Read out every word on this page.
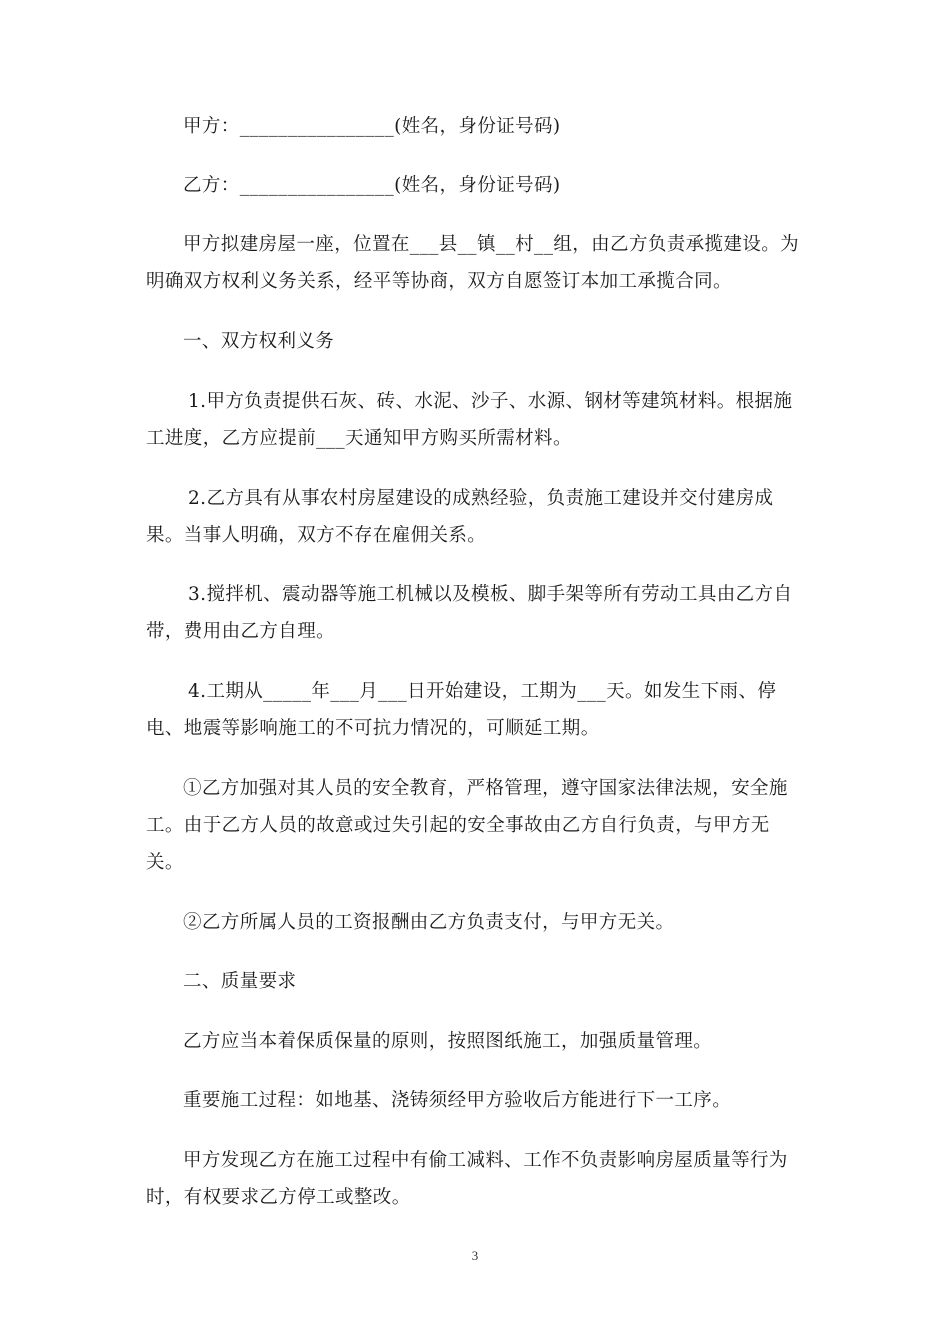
甲方：________________(姓名，身份证号码)

乙方：________________(姓名，身份证号码)

甲方拟建房屋一座，位置在___县__镇__村__组，由乙方负责承揽建设。为明确双方权利义务关系，经平等协商，双方自愿签订本加工承揽合同。

一、双方权利义务

1.甲方负责提供石灰、砖、水泥、沙子、水源、钢材等建筑材料。根据施工进度，乙方应提前___天通知甲方购买所需材料。

2.乙方具有从事农村房屋建设的成熟经验，负责施工建设并交付建房成果。当事人明确，双方不存在雇佣关系。

3.搅拌机、震动器等施工机械以及模板、脚手架等所有劳动工具由乙方自带，费用由乙方自理。

4.工期从_____年___月___日开始建设，工期为___天。如发生下雨、停电、地震等影响施工的不可抗力情况的，可顺延工期。

①乙方加强对其人员的安全教育，严格管理，遵守国家法律法规，安全施工。由于乙方人员的故意或过失引起的安全事故由乙方自行负责，与甲方无关。

②乙方所属人员的工资报酬由乙方负责支付，与甲方无关。

二、质量要求

乙方应当本着保质保量的原则，按照图纸施工，加强质量管理。

重要施工过程：如地基、浇铸须经甲方验收后方能进行下一工序。

甲方发现乙方在施工过程中有偷工减料、工作不负责影响房屋质量等行为时，有权要求乙方停工或整改。

3
